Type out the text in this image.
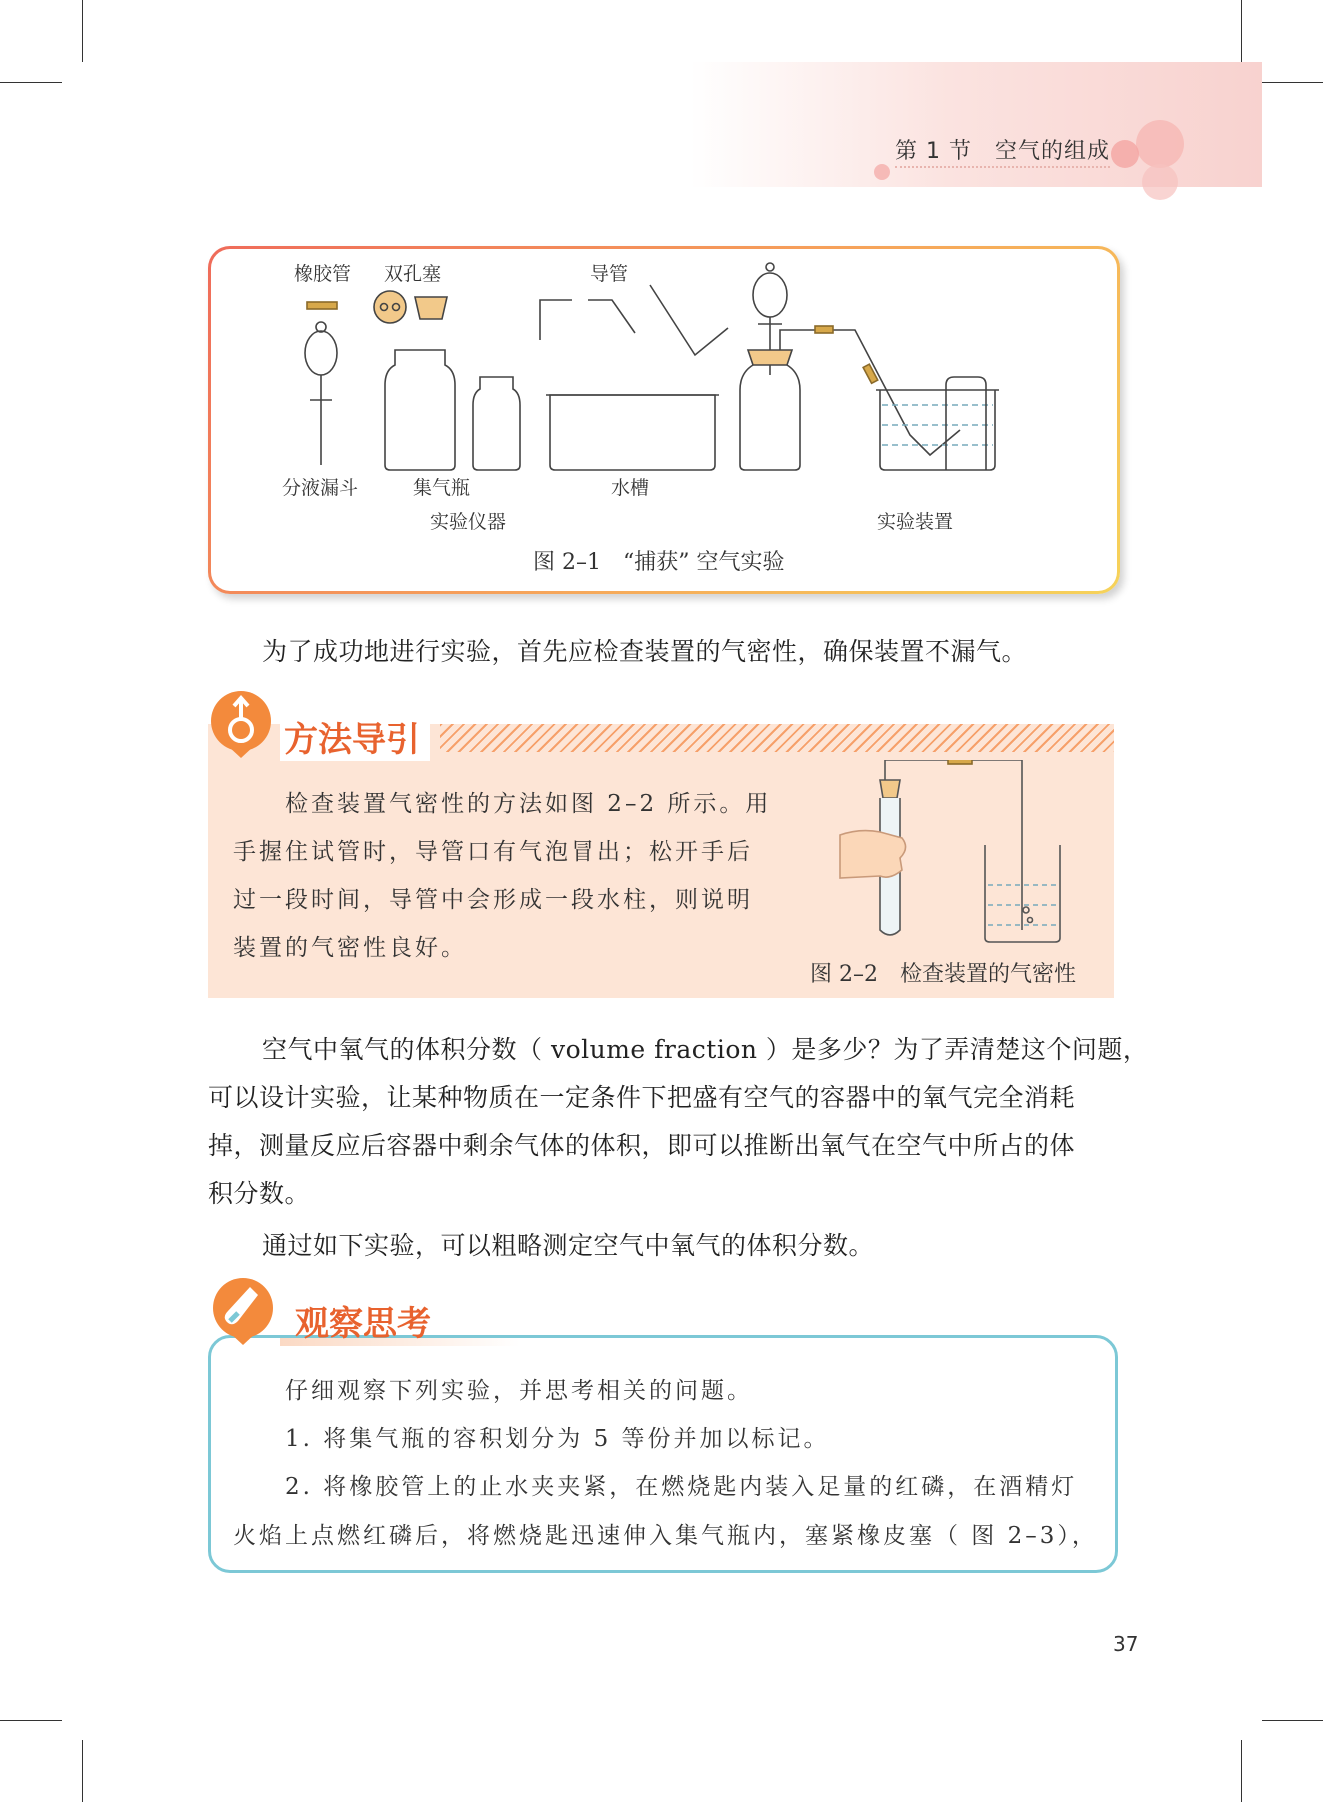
第 1 节　空气的组成
橡胶管 双孔塞	导管
分液漏斗	集气瓶	水槽
实验仪器	实验装置
图 2–1　“捕获” 空气实验
为了成功地进行实验，首先应检查装置的气密性，确保装置不漏气。
方法导引
检查装置气密性的方法如图 2–2 所示。用
手握住试管时，导管口有气泡冒出；松开手后
过一段时间，导管中会形成一段水柱，则说明
装置的气密性良好。
图 2–2　检查装置的气密性
空气中氧气的体积分数（ volume fraction ）是多少？为了弄清楚这个问题，
可以设计实验，让某种物质在一定条件下把盛有空气的容器中的氧气完全消耗
掉，测量反应后容器中剩余气体的体积，即可以推断出氧气在空气中所占的体
积分数。
通过如下实验，可以粗略测定空气中氧气的体积分数。
观察思考
仔细观察下列实验，并思考相关的问题。
1. 将集气瓶的容积划分为 5 等份并加以标记。
2. 将橡胶管上的止水夹夹紧，在燃烧匙内装入足量的红磷，在酒精灯
火焰上点燃红磷后，将燃烧匙迅速伸入集气瓶内，塞紧橡皮塞（ 图 2–3），
37
